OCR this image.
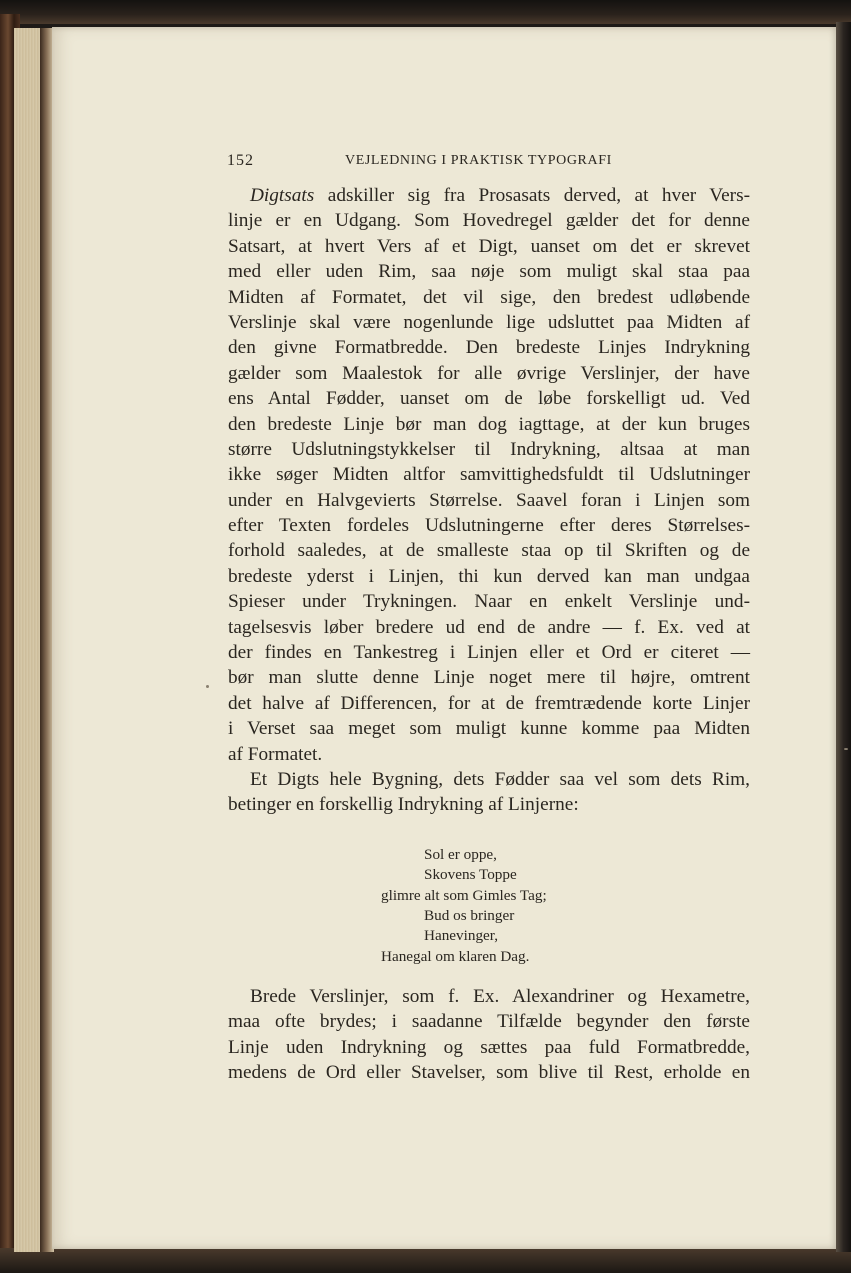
152	VEJLEDNING I PRAKTISK TYPOGRAFI
Digtsats adskiller sig fra Prosasats derved, at hver Vers-
linje er en Udgang. Som Hovedregel gælder det for denne
Satsart, at hvert Vers af et Digt, uanset om det er skrevet
med eller uden Rim, saa nøje som muligt skal staa paa
Midten af Formatet, det vil sige, den bredest udløbende
Verslinje skal være nogenlunde lige udsluttet paa Midten af
den givne Formatbredde. Den bredeste Linjes Indrykning
gælder som Maalestok for alle øvrige Verslinjer, der have
ens Antal Fødder, uanset om de løbe forskelligt ud. Ved
den bredeste Linje bør man dog iagttage, at der kun bruges
større Udslutningstykkelser til Indrykning, altsaa at man
ikke søger Midten altfor samvittighedsfuldt til Udslutninger
under en Halvgevierts Størrelse. Saavel foran i Linjen som
efter Texten fordeles Udslutningerne efter deres Størrelses-
forhold saaledes, at de smalleste staa op til Skriften og de
bredeste yderst i Linjen, thi kun derved kan man undgaa
Spieser under Trykningen. Naar en enkelt Verslinje und-
tagelsesvis løber bredere ud end de andre — f. Ex. ved at
der findes en Tankestreg i Linjen eller et Ord er citeret —
bør man slutte denne Linje noget mere til højre, omtrent
det halve af Differencen, for at de fremtrædende korte Linjer
i Verset saa meget som muligt kunne komme paa Midten
af Formatet.
Et Digts hele Bygning, dets Fødder saa vel som dets Rim,
betinger en forskellig Indrykning af Linjerne:
Sol er oppe,
Skovens Toppe
glimre alt som Gimles Tag;
Bud os bringer
Hanevinger,
Hanegal om klaren Dag.
Brede Verslinjer, som f. Ex. Alexandriner og Hexametre,
maa ofte brydes; i saadanne Tilfælde begynder den første
Linje uden Indrykning og sættes paa fuld Formatbredde,
medens de Ord eller Stavelser, som blive til Rest, erholde en
